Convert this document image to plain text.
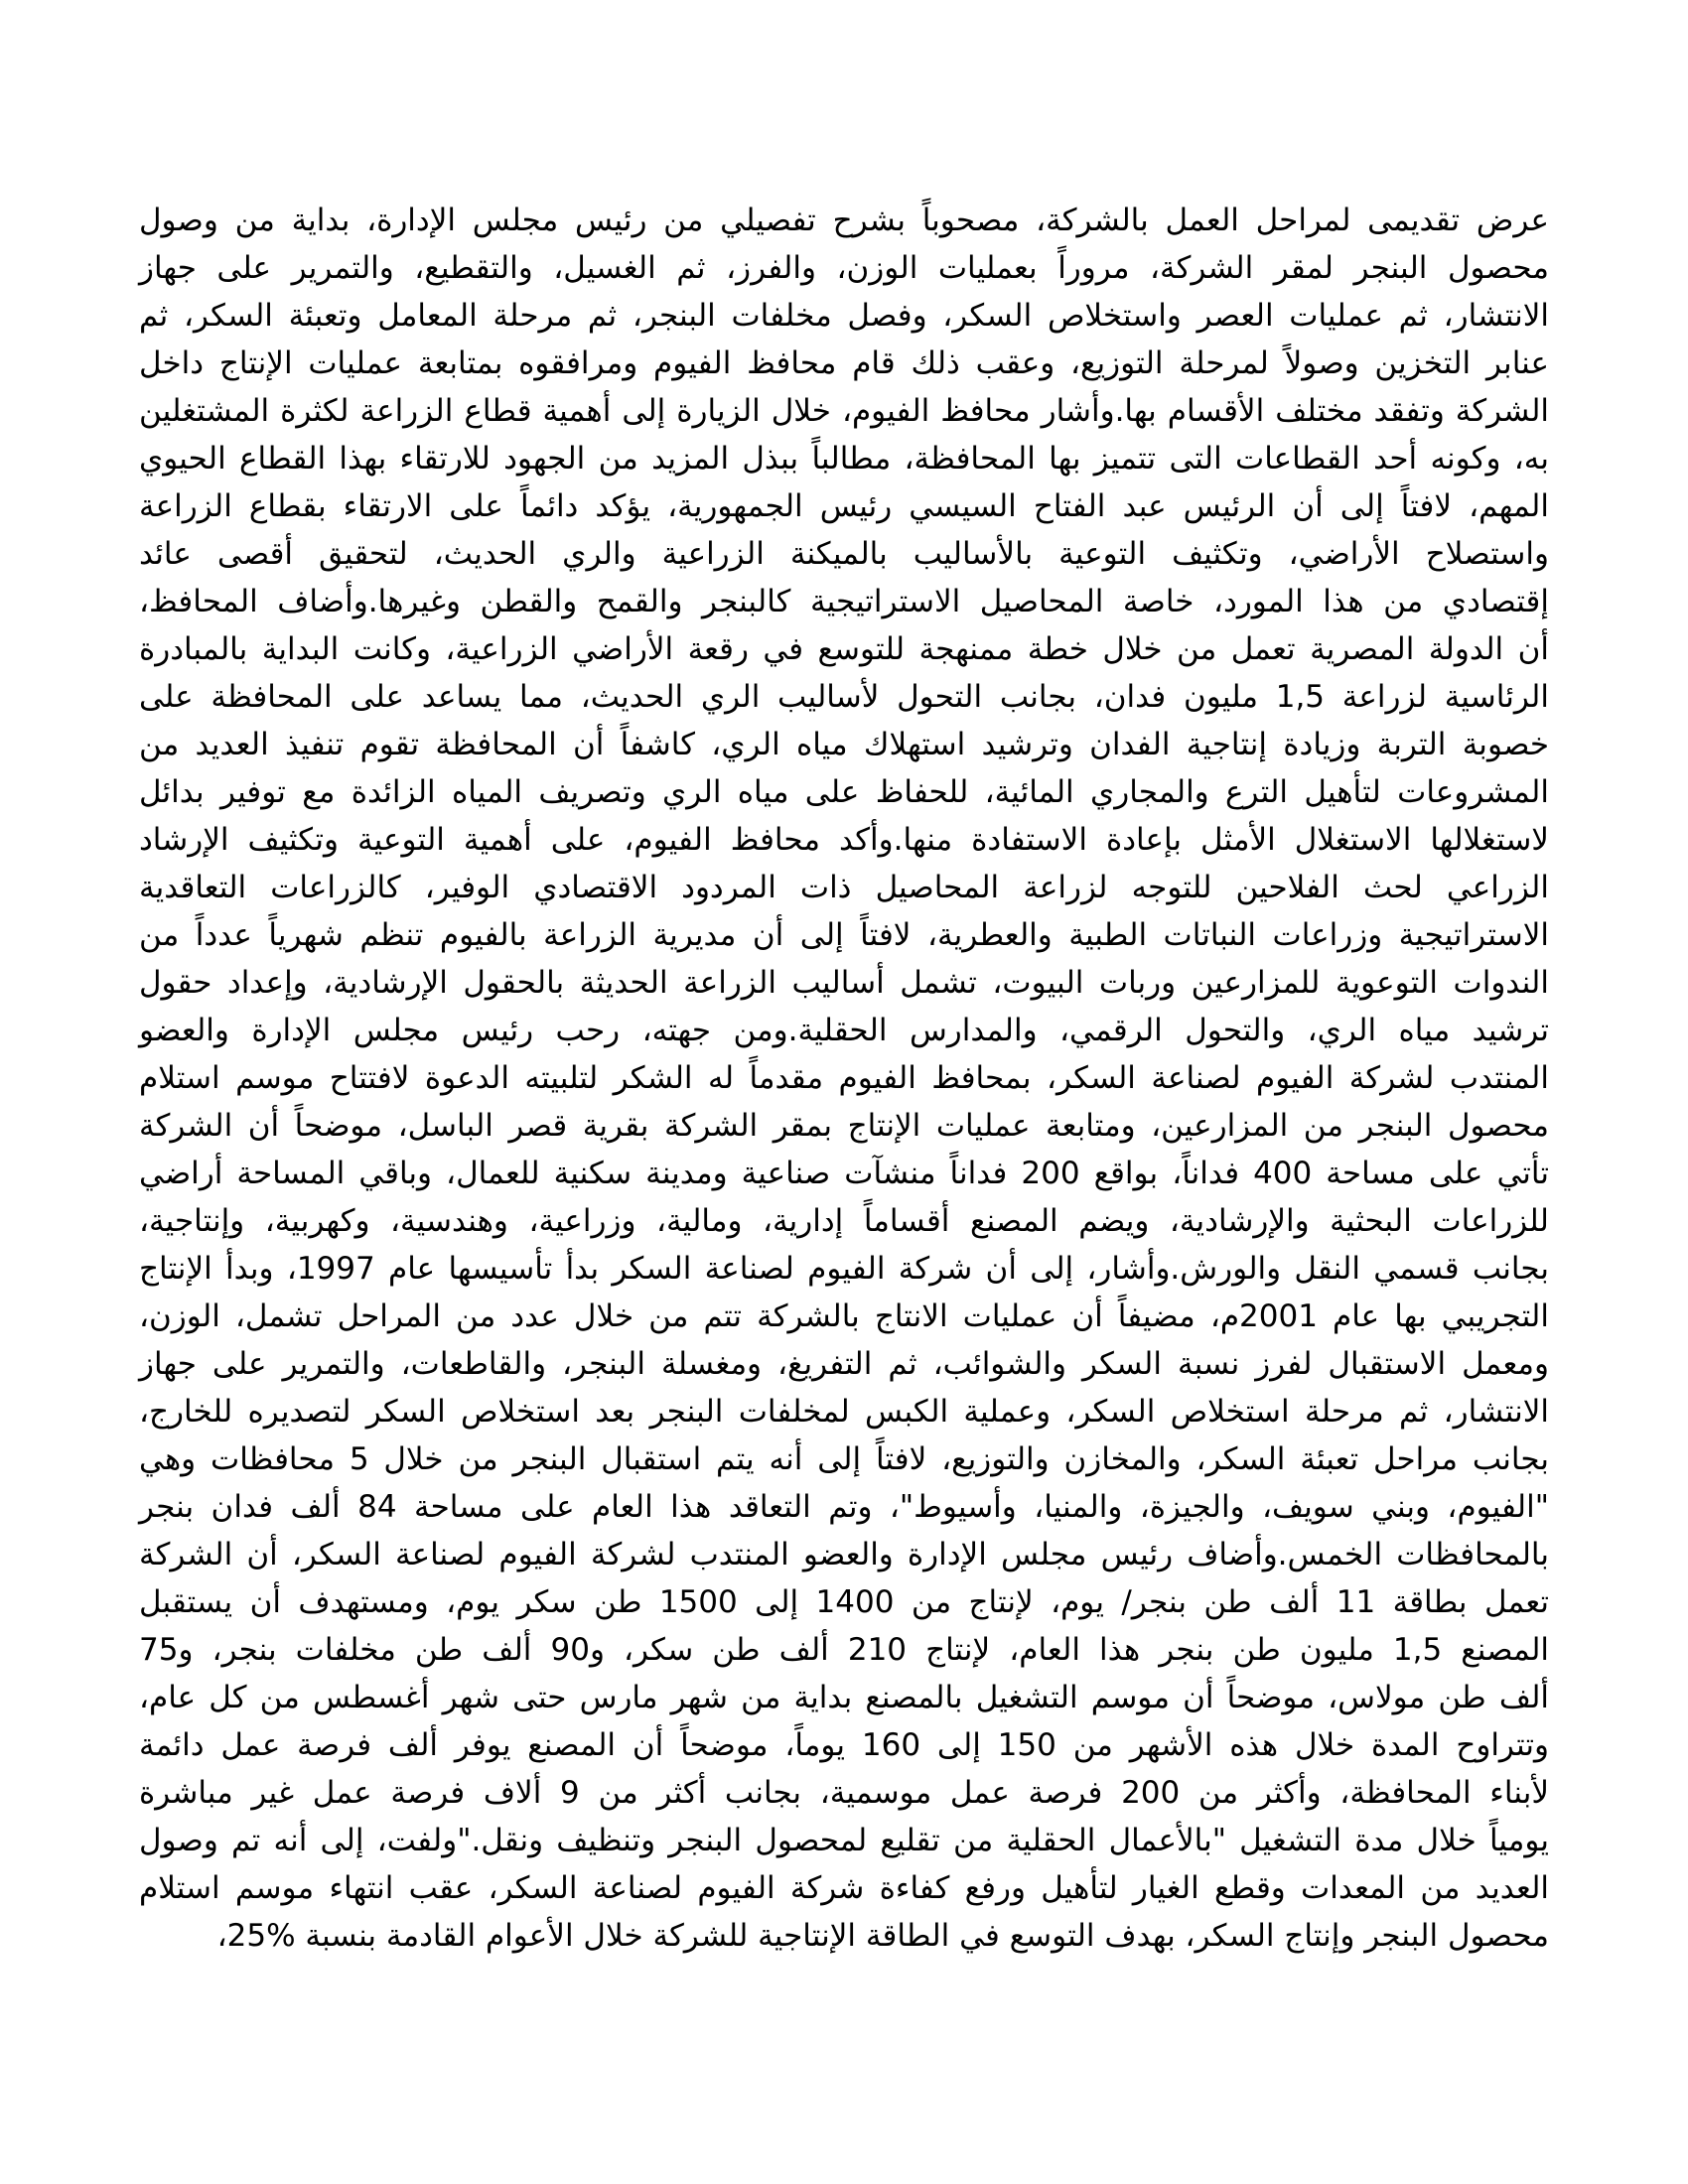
عرض تقديمى لمراحل العمل بالشركة، مصحوباً بشرح تفصيلي من رئيس مجلس الإدارة، بداية من وصول
محصول البنجر لمقر الشركة، مروراً بعمليات الوزن، والفرز، ثم الغسيل، والتقطيع، والتمرير على جهاز
الانتشار، ثم عمليات العصر واستخلاص السكر، وفصل مخلفات البنجر، ثم مرحلة المعامل وتعبئة السكر، ثم
عنابر التخزين وصولاً لمرحلة التوزيع، وعقب ذلك قام محافظ الفيوم ومرافقوه بمتابعة عمليات الإنتاج داخل
الشركة وتفقد مختلف الأقسام بها.وأشار محافظ الفيوم، خلال الزيارة إلى أهمية قطاع الزراعة لكثرة المشتغلين
به، وكونه أحد القطاعات التى تتميز بها المحافظة، مطالباً ببذل المزيد من الجهود للارتقاء بهذا القطاع الحيوي
المهم، لافتاً إلى أن الرئيس عبد الفتاح السيسي رئيس الجمهورية، يؤكد دائماً على الارتقاء بقطاع الزراعة
واستصلاح الأراضي، وتكثيف التوعية بالأساليب بالميكنة الزراعية والري الحديث، لتحقيق أقصى عائد
إقتصادي من هذا المورد، خاصة المحاصيل الاستراتيجية كالبنجر والقمح والقطن وغيرها.وأضاف المحافظ،
أن الدولة المصرية تعمل من خلال خطة ممنهجة للتوسع في رقعة الأراضي الزراعية، وكانت البداية بالمبادرة
الرئاسية لزراعة 1,5 مليون فدان، بجانب التحول لأساليب الري الحديث، مما يساعد على المحافظة على
خصوبة التربة وزيادة إنتاجية الفدان وترشيد استهلاك مياه الري، كاشفاً أن المحافظة تقوم تنفيذ العديد من
المشروعات لتأهيل الترع والمجاري المائية، للحفاظ على مياه الري وتصريف المياه الزائدة مع توفير بدائل
لاستغلالها الاستغلال الأمثل بإعادة الاستفادة منها.وأكد محافظ الفيوم، على أهمية التوعية وتكثيف الإرشاد
الزراعي لحث الفلاحين للتوجه لزراعة المحاصيل ذات المردود الاقتصادي الوفير، كالزراعات التعاقدية
الاستراتيجية وزراعات النباتات الطبية والعطرية، لافتاً إلى أن مديرية الزراعة بالفيوم تنظم شهرياً عدداً من
الندوات التوعوية للمزارعين وربات البيوت، تشمل أساليب الزراعة الحديثة بالحقول الإرشادية، وإعداد حقول
ترشيد مياه الري، والتحول الرقمي، والمدارس الحقلية.ومن جهته، رحب رئيس مجلس الإدارة والعضو
المنتدب لشركة الفيوم لصناعة السكر، بمحافظ الفيوم مقدماً له الشكر لتلبيته الدعوة لافتتاح موسم استلام
محصول البنجر من المزارعين، ومتابعة عمليات الإنتاج بمقر الشركة بقرية قصر الباسل، موضحاً أن الشركة
تأتي على مساحة 400 فداناً، بواقع 200 فداناً منشآت صناعية ومدينة سكنية للعمال، وباقي المساحة أراضي
للزراعات البحثية والإرشادية، ويضم المصنع أقساماً إدارية، ومالية، وزراعية، وهندسية، وكهربية، وإنتاجية،
بجانب قسمي النقل والورش.وأشار، إلى أن شركة الفيوم لصناعة السكر بدأ تأسيسها عام 1997، وبدأ الإنتاج
التجريبي بها عام 2001م، مضيفاً أن عمليات الانتاج بالشركة تتم من خلال عدد من المراحل تشمل، الوزن،
ومعمل الاستقبال لفرز نسبة السكر والشوائب، ثم التفريغ، ومغسلة البنجر، والقاطعات، والتمرير على جهاز
الانتشار، ثم مرحلة استخلاص السكر، وعملية الكبس لمخلفات البنجر بعد استخلاص السكر لتصديره للخارج،
بجانب مراحل تعبئة السكر، والمخازن والتوزيع، لافتاً إلى أنه يتم استقبال البنجر من خلال 5 محافظات وهي
"الفيوم، وبني سويف، والجيزة، والمنيا، وأسيوط"، وتم التعاقد هذا العام على مساحة 84 ألف فدان بنجر
بالمحافظات الخمس.وأضاف رئيس مجلس الإدارة والعضو المنتدب لشركة الفيوم لصناعة السكر، أن الشركة
تعمل بطاقة 11 ألف طن بنجر/ يوم، لإنتاج من 1400 إلى 1500 طن سكر يوم، ومستهدف أن يستقبل
المصنع 1,5 مليون طن بنجر هذا العام، لإنتاج 210 ألف طن سكر، و90 ألف طن مخلفات بنجر، و75
ألف طن مولاس، موضحاً أن موسم التشغيل بالمصنع بداية من شهر مارس حتى شهر أغسطس من كل عام،
وتتراوح المدة خلال هذه الأشهر من 150 إلى 160 يوماً، موضحاً أن المصنع يوفر ألف فرصة عمل دائمة
لأبناء المحافظة، وأكثر من 200 فرصة عمل موسمية، بجانب أكثر من 9 ألاف فرصة عمل غير مباشرة
يومياً خلال مدة التشغيل "بالأعمال الحقلية من تقليع لمحصول البنجر وتنظيف ونقل."ولفت، إلى أنه تم وصول
العديد من المعدات وقطع الغيار لتأهيل ورفع كفاءة شركة الفيوم لصناعة السكر، عقب انتهاء موسم استلام
محصول البنجر وإنتاج السكر، بهدف التوسع في الطاقة الإنتاجية للشركة خلال الأعوام القادمة بنسبة %25،
